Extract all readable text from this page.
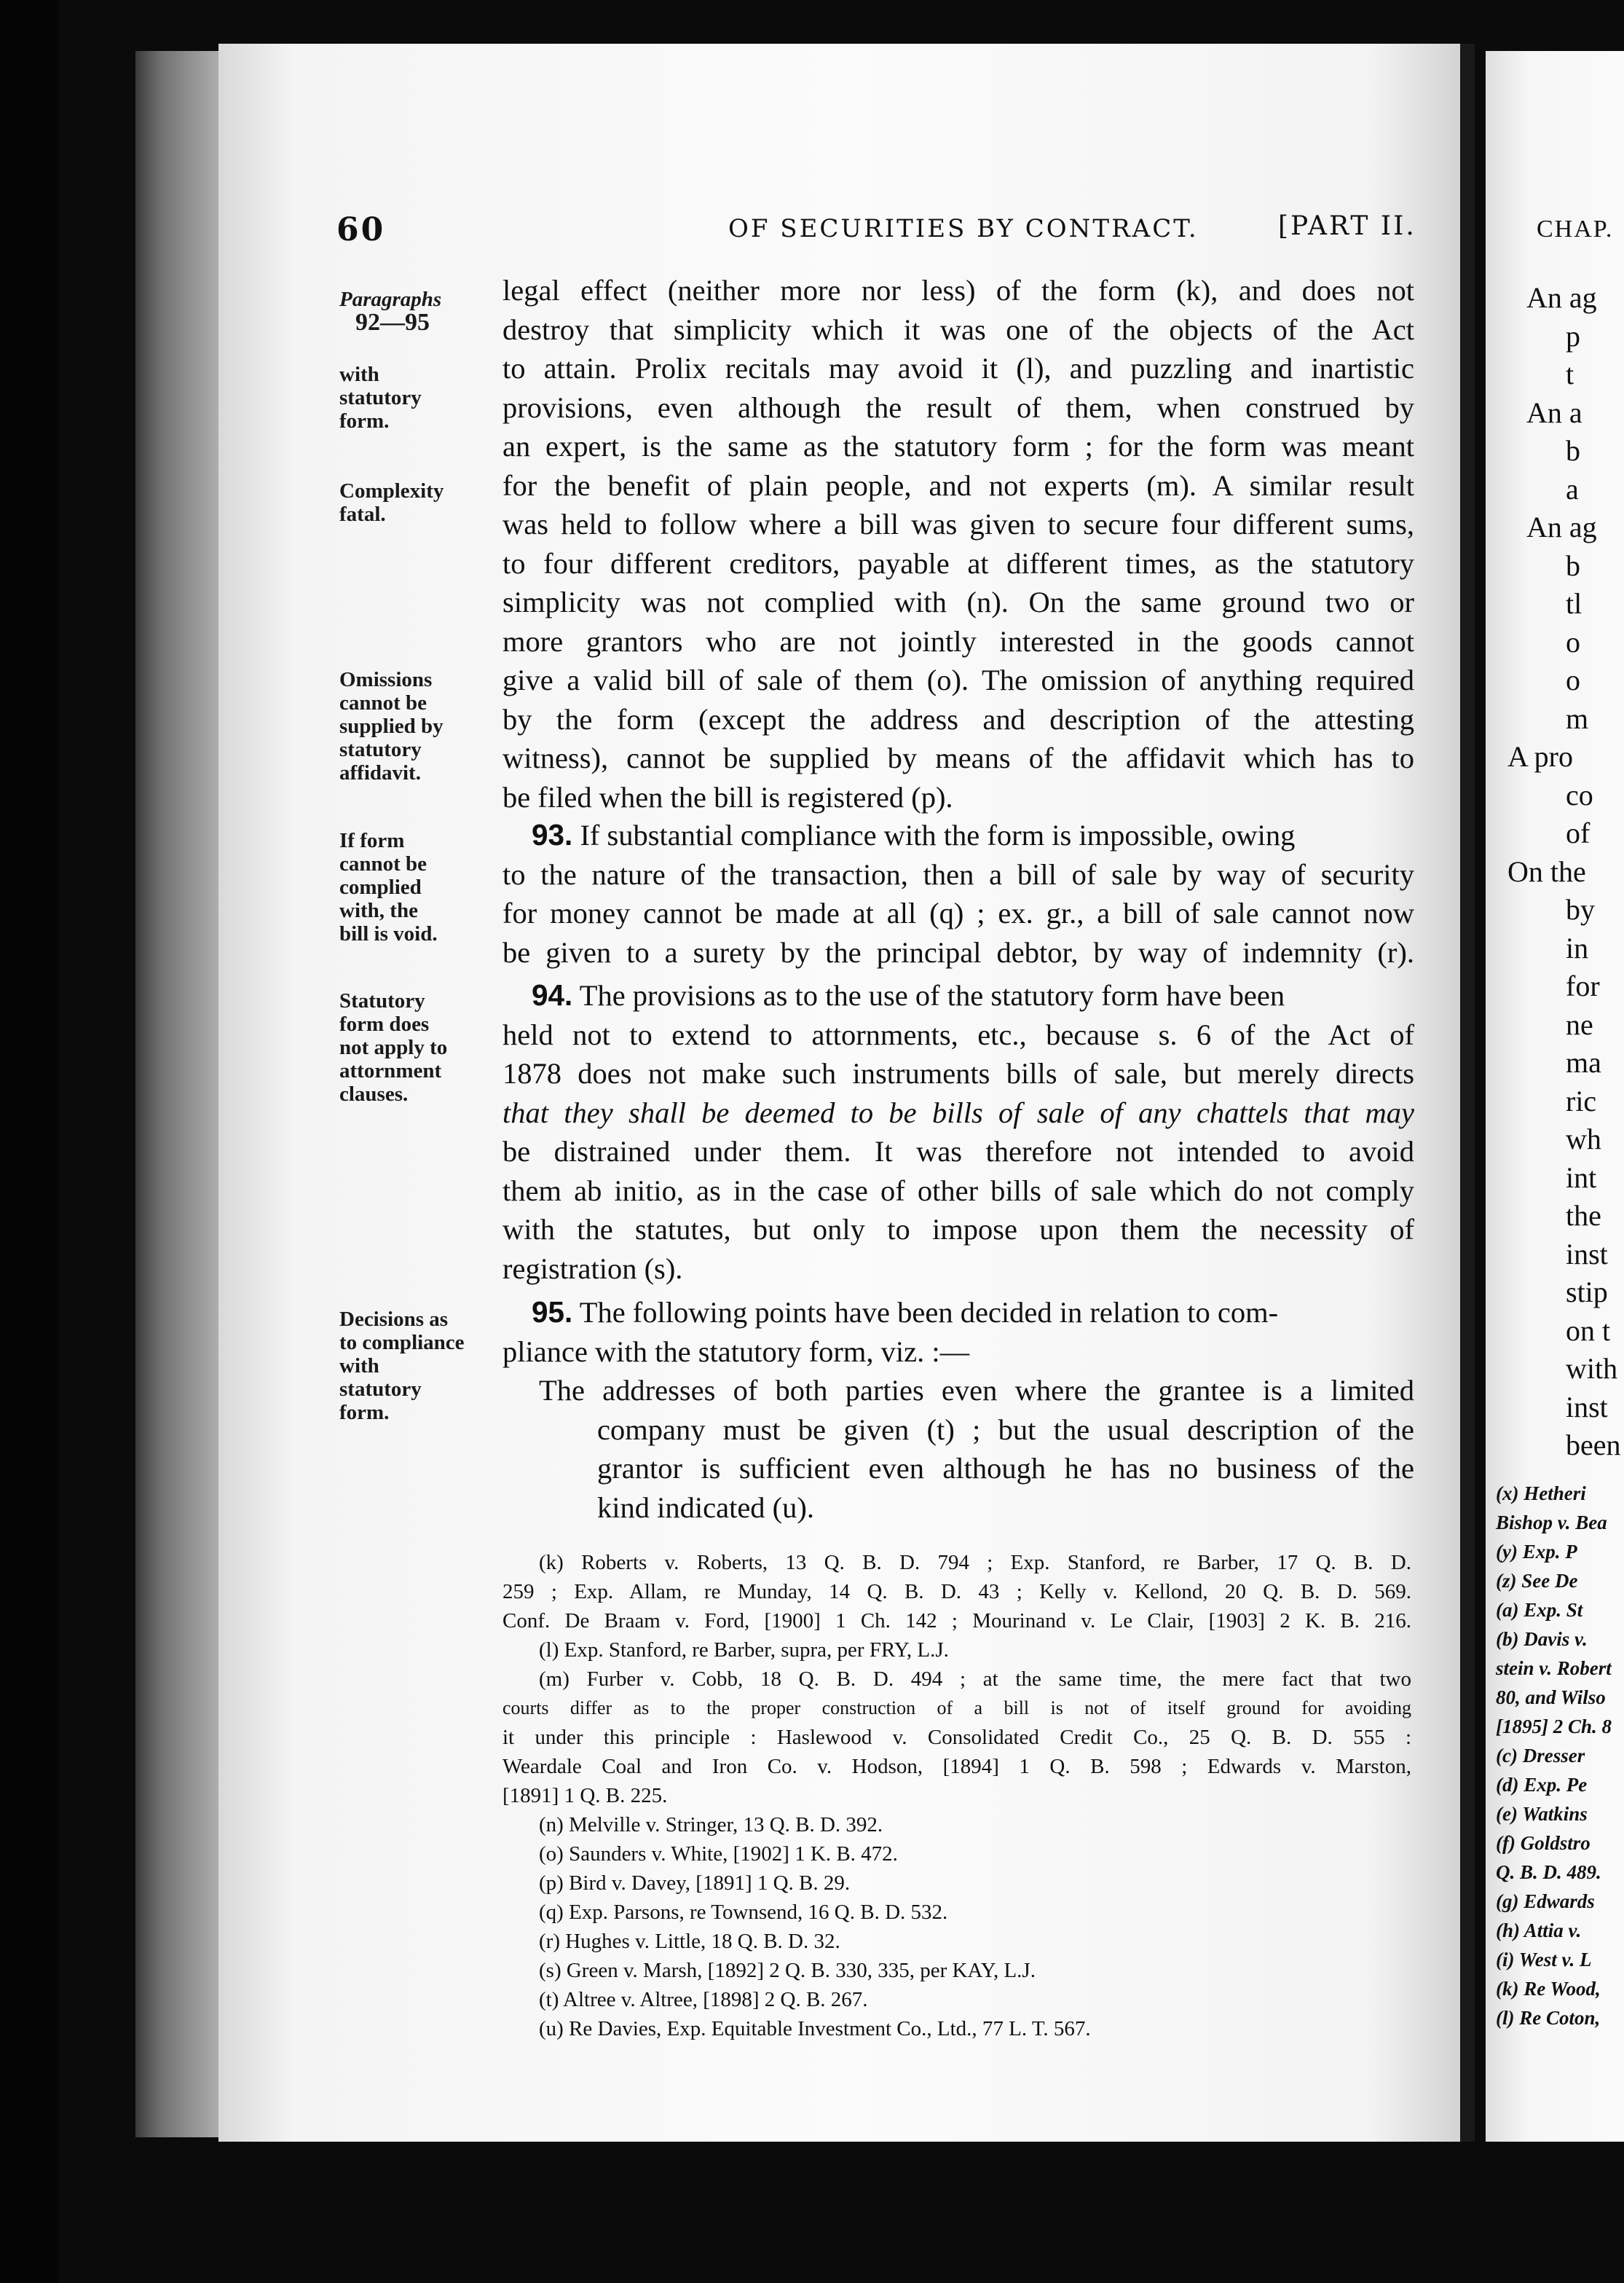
60	OF SECURITIES BY CONTRACT.	[PART II.
Paragraphs
92—95
with
statutory
form.
Complexity
fatal.
Omissions
cannot be
supplied by
statutory
affidavit.
If form
cannot be
complied
with, the
bill is void.
Statutory
form does
not apply to
attornment
clauses.
Decisions as
to compliance
with
statutory
form.
legal effect (neither more nor less) of the form (k), and does not
destroy that simplicity which it was one of the objects of the Act
to attain. Prolix recitals may avoid it (l), and puzzling and inartistic
provisions, even although the result of them, when construed by
an expert, is the same as the statutory form ; for the form was meant
for the benefit of plain people, and not experts (m). A similar result
was held to follow where a bill was given to secure four different sums,
to four different creditors, payable at different times, as the statutory
simplicity was not complied with (n). On the same ground two or
more grantors who are not jointly interested in the goods cannot
give a valid bill of sale of them (o). The omission of anything required
by the form (except the address and description of the attesting
witness), cannot be supplied by means of the affidavit which has to
be filed when the bill is registered (p).
93. If substantial compliance with the form is impossible, owing
to the nature of the transaction, then a bill of sale by way of security
for money cannot be made at all (q) ; ex. gr., a bill of sale cannot now
be given to a surety by the principal debtor, by way of indemnity (r).
94. The provisions as to the use of the statutory form have been
held not to extend to attornments, etc., because s. 6 of the Act of
1878 does not make such instruments bills of sale, but merely directs
that they shall be deemed to be bills of sale of any chattels that may
be distrained under them. It was therefore not intended to avoid
them ab initio, as in the case of other bills of sale which do not comply
with the statutes, but only to impose upon them the necessity of
registration (s).
95. The following points have been decided in relation to com-
pliance with the statutory form, viz. :—
The addresses of both parties even where the grantee is a limited
company must be given (t) ; but the usual description of the
grantor is sufficient even although he has no business of the
kind indicated (u).
(k) Roberts v. Roberts, 13 Q. B. D. 794 ; Exp. Stanford, re Barber, 17 Q. B. D.
259 ; Exp. Allam, re Munday, 14 Q. B. D. 43 ; Kelly v. Kellond, 20 Q. B. D. 569.
Conf. De Braam v. Ford, [1900] 1 Ch. 142 ; Mourinand v. Le Clair, [1903] 2 K. B. 216.
(l) Exp. Stanford, re Barber, supra, per FRY, L.J.
(m) Furber v. Cobb, 18 Q. B. D. 494 ; at the same time, the mere fact that two
courts differ as to the proper construction of a bill is not of itself ground for avoiding
it under this principle : Haslewood v. Consolidated Credit Co., 25 Q. B. D. 555 :
Weardale Coal and Iron Co. v. Hodson, [1894] 1 Q. B. 598 ; Edwards v. Marston,
[1891] 1 Q. B. 225.
(n) Melville v. Stringer, 13 Q. B. D. 392.
(o) Saunders v. White, [1902] 1 K. B. 472.
(p) Bird v. Davey, [1891] 1 Q. B. 29.
(q) Exp. Parsons, re Townsend, 16 Q. B. D. 532.
(r) Hughes v. Little, 18 Q. B. D. 32.
(s) Green v. Marsh, [1892] 2 Q. B. 330, 335, per KAY, L.J.
(t) Altree v. Altree, [1898] 2 Q. B. 267.
(u) Re Davies, Exp. Equitable Investment Co., Ltd., 77 L. T. 567.
CHAP.
An ag
p
t
An a
b
a
An ag
b
tl
o
o
m
A pro
co
of
On the
by
in
for
ne
ma
ric
wh
int
the
inst
stip
on t
with
inst
been
(x) Hetheri
Bishop v. Bea
(y) Exp. P
(z) See De
(a) Exp. St
(b) Davis v.
stein v. Robert
80, and Wilso
[1895] 2 Ch. 8
(c) Dresser
(d) Exp. Pe
(e) Watkins
(f) Goldstro
Q. B. D. 489.
(g) Edwards
(h) Attia v.
(i) West v. L
(k) Re Wood,
(l) Re Coton,
